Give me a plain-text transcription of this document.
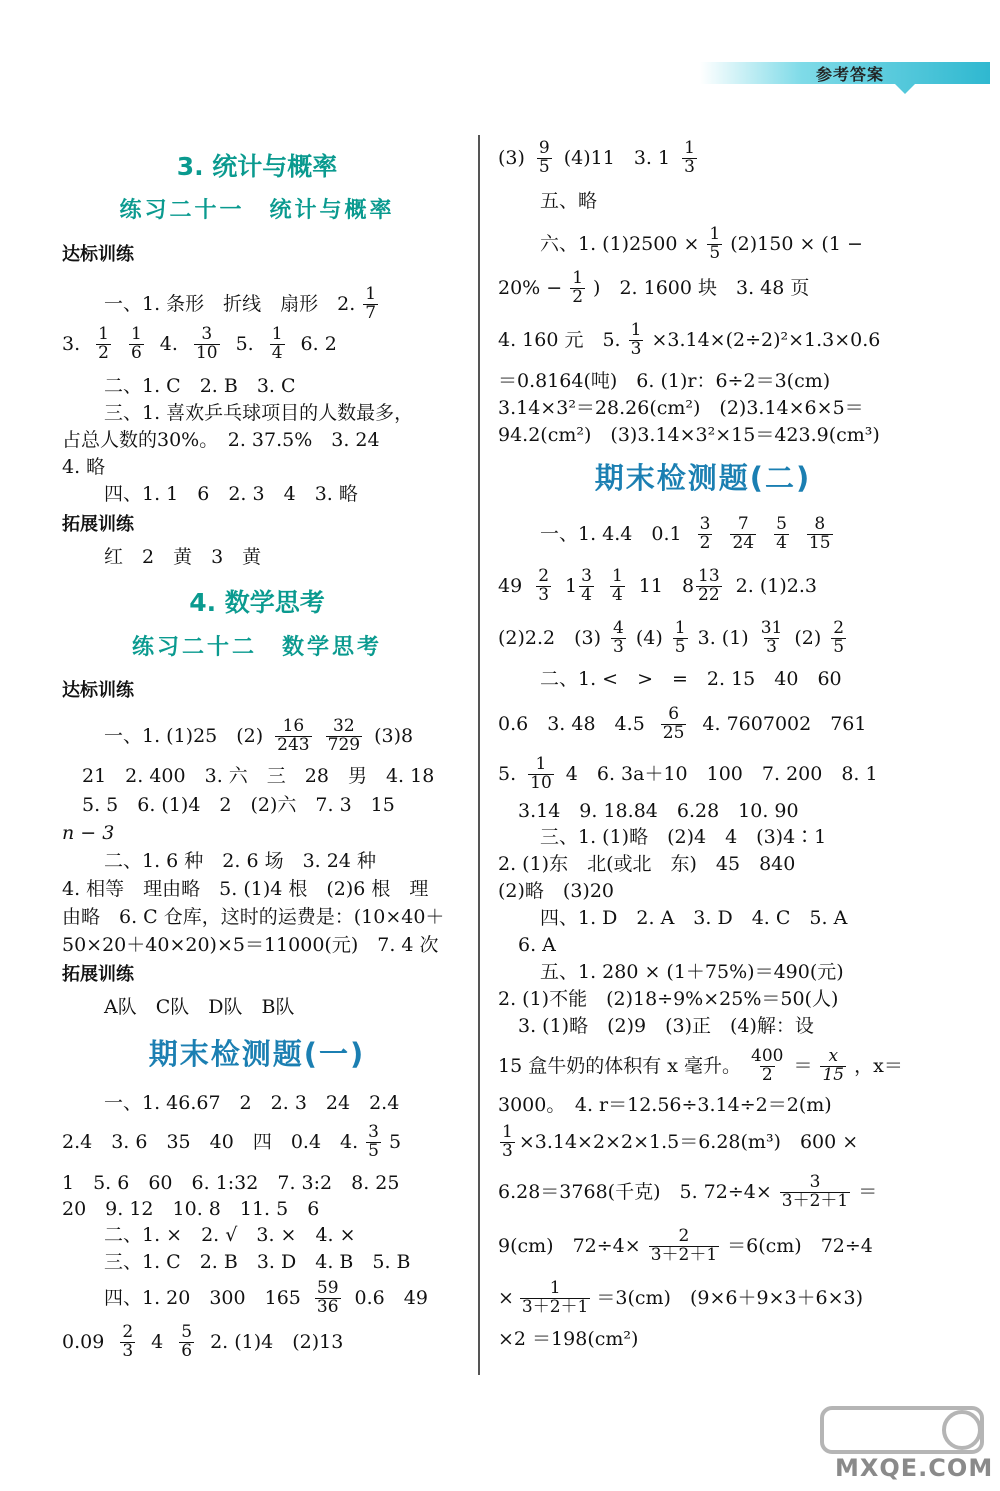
参考答案
3. 统计与概率
练习二十一　统计与概率
达标训练
一、1. 条形　折线　扇形　2. $\frac{1}{7}$
3. $\frac{1}{2} \frac{1}{6} 4$. $\frac{3}{10} 5$. $\frac{1}{4} 6$. 2
二、1. C　2. B　3. C
三、1. 喜欢乒乓球项目的人数最多，
占总人数的30%。　2. 37.5%　3. 24
4. 略
四、1. 1　6　2. 3　4　3. 略
拓展训练
红　2　黄　3　黄
4. 数学思考
练习二十二　数学思考
达标训练
一、1. (1)25　$(2) \frac{16}{243} \frac{32}{729} (3)8$
21　2. 400　3. 六　三　28　男　4. 18
5. 5　6. (1)4　2　(2)六　7. 3　15
n − 3
二、1. 6 种　2. 6 场　3. 24 种
4. 相等　理由略　5. (1)4 根　(2)6 根　理
由略　6. C 仓库，这时的运费是：(10×40＋
50×20＋40×20)×5＝11000(元)　7. 4 次
拓展训练
A队　C队　D队　B队
期末检测题(一)
一、1. 46.67　2　2. 3　24　2.4
2.4　3. 6　35　40　四　0.4　4. $\frac{3}{5} 5$
1　5. 6　60　6. 1:32　7. 3:2　8. 25
20　9. 12　10. 8　11. 5　6
二、1. ×　2. √　3. ×　4. ×
三、1. C　2. B　3. D　4. B　5. B
四、1. 20　300　$165 \frac{59}{36} 0.6$　49
$0.09 \frac{2}{3} 4 \frac{5}{6} 2$. (1)4　(2)13
$(3) \frac{9}{5} (4)11$　3. $1 \frac{1}{3}$
五、略
六、1. $(1)2500 \times \frac{1}{5} (2)150 \times (1$ −
$20\% - \frac{1}{2}$ )　2. 1600 块　3. 48 页
4. 160 元　5. $\frac{1}{3} \times 3.14\times(2\div 2)^2\times 1.3\times 0.6$
＝0.8164(吨)　6. (1)r：6÷2＝3(cm)
3.14×3²＝28.26(cm²)　(2)3.14×6×5＝
94.2(cm²)　(3)3.14×3²×15＝423.9(cm³)
期末检测题(二)
一、1. 4.4　$0.1 \frac{3}{2} \frac{7}{24} \frac{5}{4} \frac{8}{15}$
$49 \frac{2}{3} 1 \frac{3}{4} \frac{1}{4} 11$　$8 \frac{13}{22} 2$. (1)2.3
(2)2.2　$(3) \frac{4}{3} (4) \frac{1}{5} 3$. $(1) \frac{31}{3} (2) \frac{2}{5}$
二、1. <　>　=　2. 15　40　60
0.6　3. 48　$4.5 \frac{6}{25} 4$. 7607002　761
5. $\frac{1}{10} 4$　6. 3a＋10　100　7. 200　8. 1
3.14　9. 18.84　6.28　10. 90
三、1. (1)略　(2)4　4　(3)4∶1
2. (1)东　北(或北　东)　45　840
(2)略　(3)20
四、1. D　2. A　3. D　4. C　5. A
6. A
五、1. 280 × (1＋75%)＝490(元)
2. (1)不能　(2)18÷9%×25%＝50(人)
3. (1)略　(2)9　(3)正　(4)解：设
15 盒牛奶的体积有 x 毫升。 $\frac{400}{2} = \frac{x}{15}$ ，x＝
3000。　4. r＝12.56÷3.14÷2＝2(m)
$\frac{1}{3} \times 3.14\times 2\times 2\times 1.5=6.28(m^3)$　600 ×
6.28＝3768(千克)　5. $72\div 4\times \frac{3}{3+2+1}$ ＝
9(cm)　$72\div 4\times \frac{2}{3+2+1} =6(cm)$　72÷4
× $\frac{1}{3+2+1} =3(cm)$　(9×6＋9×3＋6×3)
×2 ＝198(cm²)
MXQE.COM
